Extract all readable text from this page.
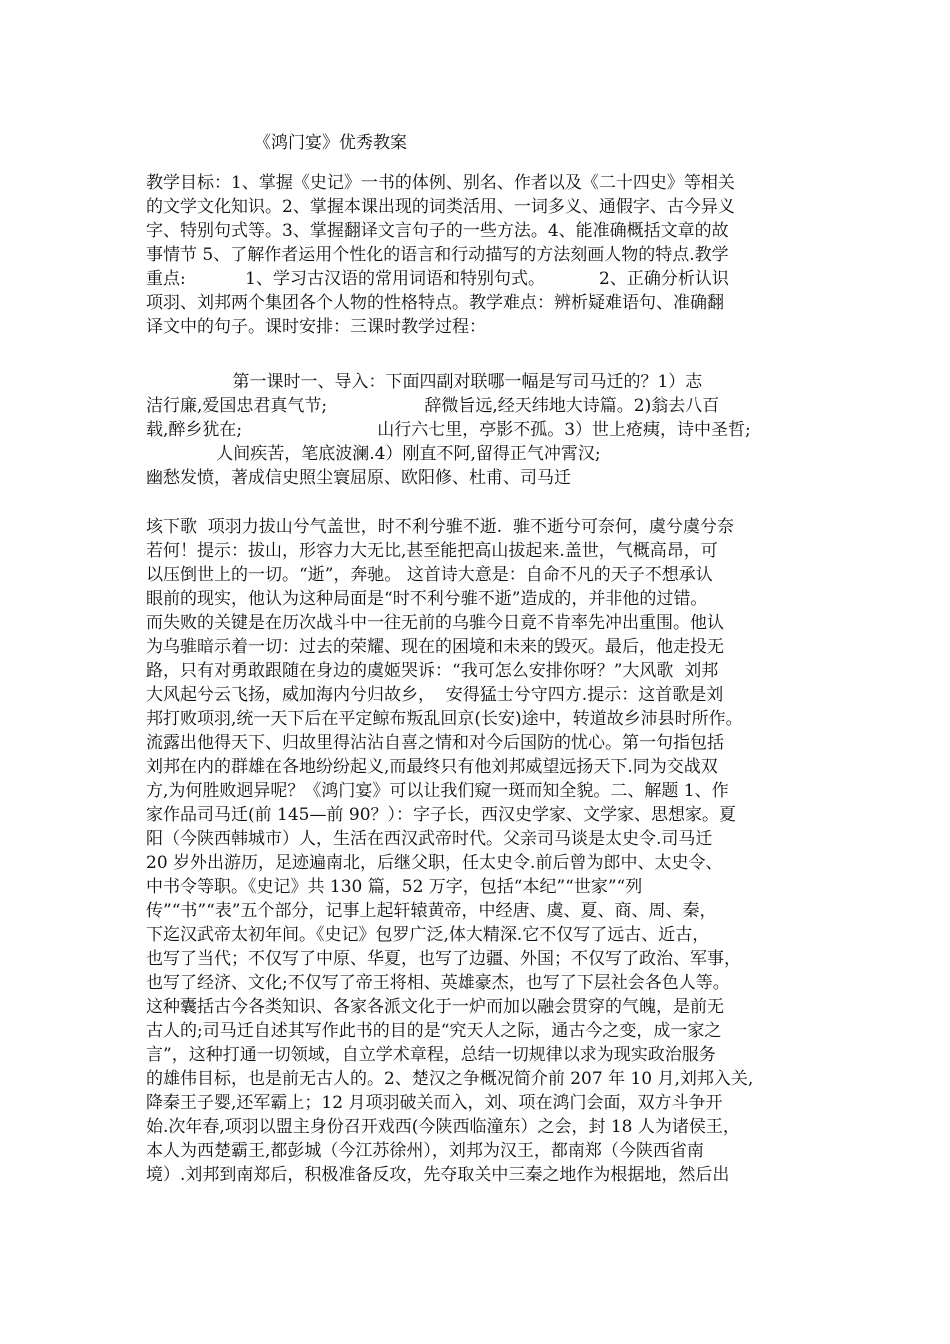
《鸿门宴》优秀教案
教学目标：1、掌握《史记》一书的体例、别名、作者以及《二十四史》等相关
的文学文化知识。2、掌握本课出现的词类活用、一词多义、通假字、古今异义
字、特别句式等。3、掌握翻译文言句子的一些方法。4、能准确概括文章的故
事情节 5、了解作者运用个性化的语言和行动描写的方法刻画人物的特点.教学
重点:           1、学习古汉语的常用词语和特别句式。          2、正确分析认识
项羽、刘邦两个集团各个人物的性格特点。教学难点：辨析疑难语句、准确翻
译文中的句子。课时安排：三课时教学过程：
第一课时一、导入：下面四副对联哪一幅是写司马迁的？1）志
洁行廉,爱国忠君真气节;                  辞微旨远,经天纬地大诗篇。2)翁去八百
载,醉乡犹在;                         山行六七里，亭影不孤。3）世上疮痍，诗中圣哲;
人间疾苦，笔底波澜.4）刚直不阿,留得正气冲霄汉;
幽愁发愤，著成信史照尘寰屈原、欧阳修、杜甫、司马迁
垓下歌  项羽力拔山兮气盖世，时不利兮骓不逝.  骓不逝兮可奈何，虞兮虞兮奈
若何！提示：拔山，形容力大无比,甚至能把高山拔起来.盖世，气概高昂，可
以压倒世上的一切。“逝”，奔驰。 这首诗大意是：自命不凡的天子不想承认
眼前的现实，他认为这种局面是“时不利兮骓不逝”造成的，并非他的过错。
而失败的关键是在历次战斗中一往无前的乌骓今日竟不肯率先冲出重围。他认
为乌骓暗示着一切：过去的荣耀、现在的困境和未来的毁灭。最后，他走投无
路，只有对勇敢跟随在身边的虞姬哭诉：“我可怎么安排你呀？”大风歌  刘邦
大风起兮云飞扬，威加海内兮归故乡，  安得猛士兮守四方.提示：这首歌是刘
邦打败项羽,统一天下后在平定鲸布叛乱回京(长安)途中，转道故乡沛县时所作。
流露出他得天下、归故里得沾沾自喜之情和对今后国防的忧心。第一句指包括
刘邦在内的群雄在各地纷纷起义,而最终只有他刘邦威望远扬天下.同为交战双
方,为何胜败迥异呢？《鸿门宴》可以让我们窥一斑而知全貌。二、解题 1、作
家作品司马迁(前 145—前 90？）：字子长，西汉史学家、文学家、思想家。夏
阳（今陕西韩城市）人，生活在西汉武帝时代。父亲司马谈是太史令.司马迁
20 岁外出游历，足迹遍南北，后继父职，任太史令.前后曾为郎中、太史令、
中书令等职。《史记》共 130 篇，52 万字，包括“本纪”“世家”“列
传”“书”“表”五个部分，记事上起轩辕黄帝，中经唐、虞、夏、商、周、秦，
下迄汉武帝太初年间。《史记》包罗广泛,体大精深.它不仅写了远古、近古，
也写了当代；不仅写了中原、华夏，也写了边疆、外国；不仅写了政治、军事，
也写了经济、文化;不仅写了帝王将相、英雄豪杰，也写了下层社会各色人等。
这种囊括古今各类知识、各家各派文化于一炉而加以融会贯穿的气魄，是前无
古人的;司马迁自述其写作此书的目的是“究天人之际，通古今之变，成一家之
言”，这种打通一切领域，自立学术章程，总结一切规律以求为现实政治服务
的雄伟目标，也是前无古人的。2、楚汉之争概况简介前 207 年 10 月,刘邦入关,
降秦王子婴,还军霸上；12 月项羽破关而入，刘、项在鸿门会面，双方斗争开
始.次年春,项羽以盟主身份召开戏西(今陕西临潼东）之会，封 18 人为诸侯王，
本人为西楚霸王,都彭城（今江苏徐州），刘邦为汉王，都南郑（今陕西省南
境）.刘邦到南郑后，积极准备反攻，先夺取关中三秦之地作为根据地，然后出
